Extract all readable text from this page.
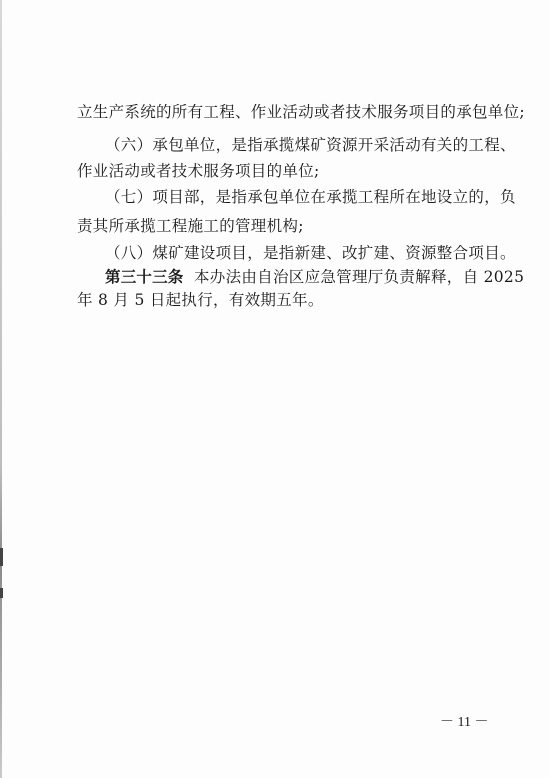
立生产系统的所有工程、作业活动或者技术服务项目的承包单位;
（六）承包单位，是指承揽煤矿资源开采活动有关的工程、
作业活动或者技术服务项目的单位;
（七）项目部，是指承包单位在承揽工程所在地设立的，负
责其所承揽工程施工的管理机构;
（八）煤矿建设项目，是指新建、改扩建、资源整合项目。
第三十三条 本办法由自治区应急管理厅负责解释，自 2025
年 8 月 5 日起执行，有效期五年。
－ 11 －
